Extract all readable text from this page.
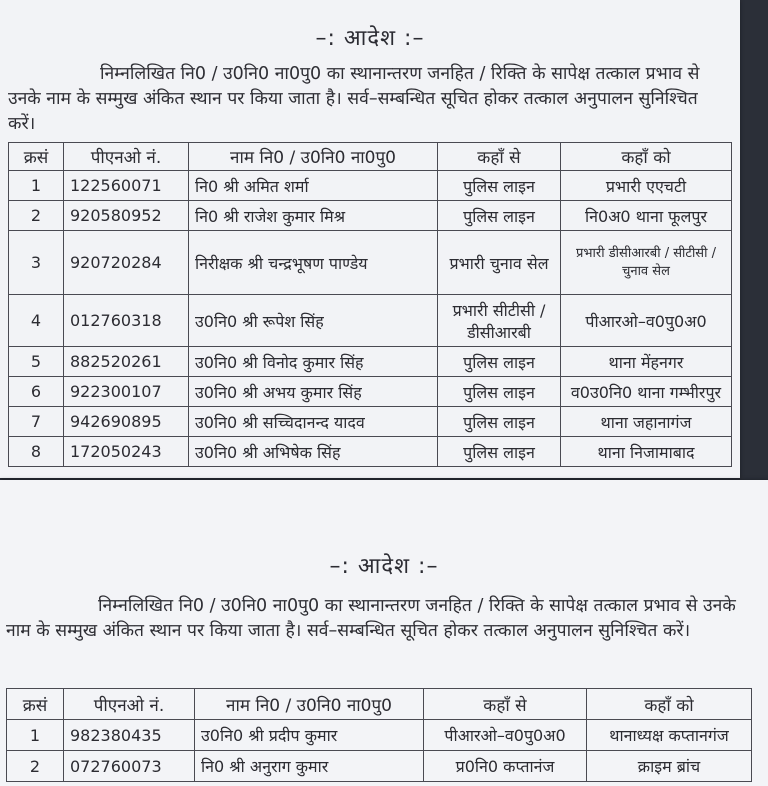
–: आदेश :–
निम्नलिखित नि0 / उ0नि0 ना0पु0 का स्थानान्तरण जनहित / रिक्ति के सापेक्ष तत्काल प्रभाव से उनके नाम के सम्मुख अंकित स्थान पर किया जाता है। सर्व–सम्बन्धित सूचित होकर तत्काल अनुपालन सुनिश्चित करें।
क्रसं	पीएनओ नं.	नाम नि0 / उ0नि0 ना0पु0	कहाँ से	कहाँ को
1	122560071	नि0 श्री अमित शर्मा	पुलिस लाइन	प्रभारी एएचटी
2	920580952	नि0 श्री राजेश कुमार मिश्र	पुलिस लाइन	नि0अ0 थाना फूलपुर
3	920720284	निरीक्षक श्री चन्द्रभूषण पाण्डेय	प्रभारी चुनाव सेल	प्रभारी डीसीआरबी / सीटीसी / चुनाव सेल
4	012760318	उ0नि0 श्री रूपेश सिंह	प्रभारी सीटीसी / डीसीआरबी	पीआरओ–व0पु0अ0
5	882520261	उ0नि0 श्री विनोद कुमार सिंह	पुलिस लाइन	थाना मेंहनगर
6	922300107	उ0नि0 श्री अभय कुमार सिंह	पुलिस लाइन	व0उ0नि0 थाना गम्भीरपुर
7	942690895	उ0नि0 श्री सच्चिदानन्द यादव	पुलिस लाइन	थाना जहानागंज
8	172050243	उ0नि0 श्री अभिषेक सिंह	पुलिस लाइन	थाना निजामाबाद
–: आदेश :–
निम्नलिखित नि0 / उ0नि0 ना0पु0 का स्थानान्तरण जनहित / रिक्ति के सापेक्ष तत्काल प्रभाव से उनके नाम के सम्मुख अंकित स्थान पर किया जाता है। सर्व–सम्बन्धित सूचित होकर तत्काल अनुपालन सुनिश्चित करें।
क्रसं	पीएनओ नं.	नाम नि0 / उ0नि0 ना0पु0	कहाँ से	कहाँ को
1	982380435	उ0नि0 श्री प्रदीप कुमार	पीआरओ–व0पु0अ0	थानाध्यक्ष कप्तानगंज
2	072760073	नि0 श्री अनुराग कुमार	प्र0नि0 कप्तानंज	क्राइम ब्रांच
